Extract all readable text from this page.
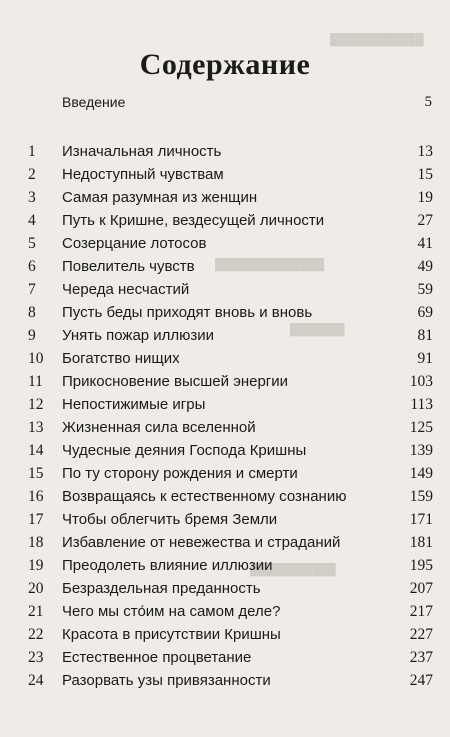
████████████
██████████████
███████
███████████
Содержание
Введение	5
1	Изначальная личность	13
2	Недоступный чувствам	15
3	Самая разумная из женщин	19
4	Путь к Кришне, вездесущей личности	27
5	Созерцание лотосов	41
6	Повелитель чувств	49
7	Череда несчастий	59
8	Пусть беды приходят вновь и вновь	69
9	Унять пожар иллюзии	81
10	Богатство нищих	91
11	Прикосновение высшей энергии	103
12	Непостижимые игры	113
13	Жизненная сила вселенной	125
14	Чудесные деяния Господа Кришны	139
15	По ту сторону рождения и смерти	149
16	Возвращаясь к естественному сознанию	159
17	Чтобы облегчить бремя Земли	171
18	Избавление от невежества и страданий	181
19	Преодолеть влияние иллюзии	195
20	Безраздельная преданность	207
21	Чего мы сто́им на самом деле?	217
22	Красота в присутствии Кришны	227
23	Естественное процветание	237
24	Разорвать узы привязанности	247
